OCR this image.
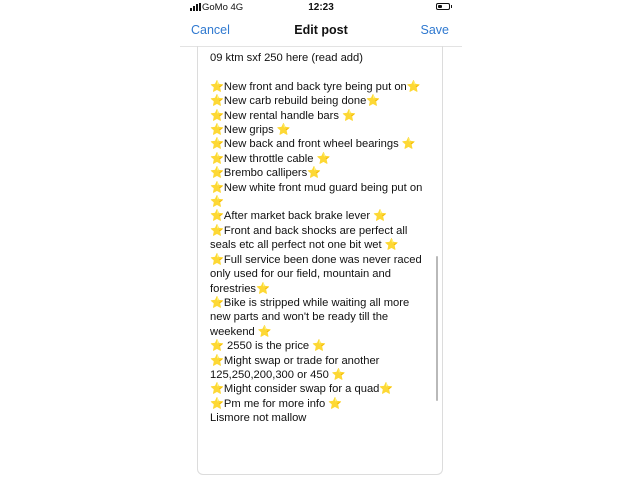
GoMo 4G	12:23
Cancel	Edit post	Save
09 ktm sxf 250 here (read add)

⭐New front and back tyre being put on⭐
⭐New carb rebuild being done⭐
⭐New rental handle bars ⭐
⭐New grips ⭐
⭐New back and front wheel bearings ⭐
⭐New throttle cable ⭐
⭐Brembo callipers⭐
⭐New white front mud guard being put on ⭐
⭐After market back brake lever ⭐
⭐Front and back shocks are perfect all seals etc all perfect not one bit wet ⭐
⭐Full service been done was never raced only used for our field, mountain and forestries⭐
⭐Bike is stripped while waiting all more new parts and won't be ready till the weekend ⭐
⭐ 2550 is the price ⭐
⭐Might swap or trade for another 125,250,200,300 or 450 ⭐
⭐Might consider swap for a quad⭐
⭐Pm me for more info ⭐
Lismore not mallow
